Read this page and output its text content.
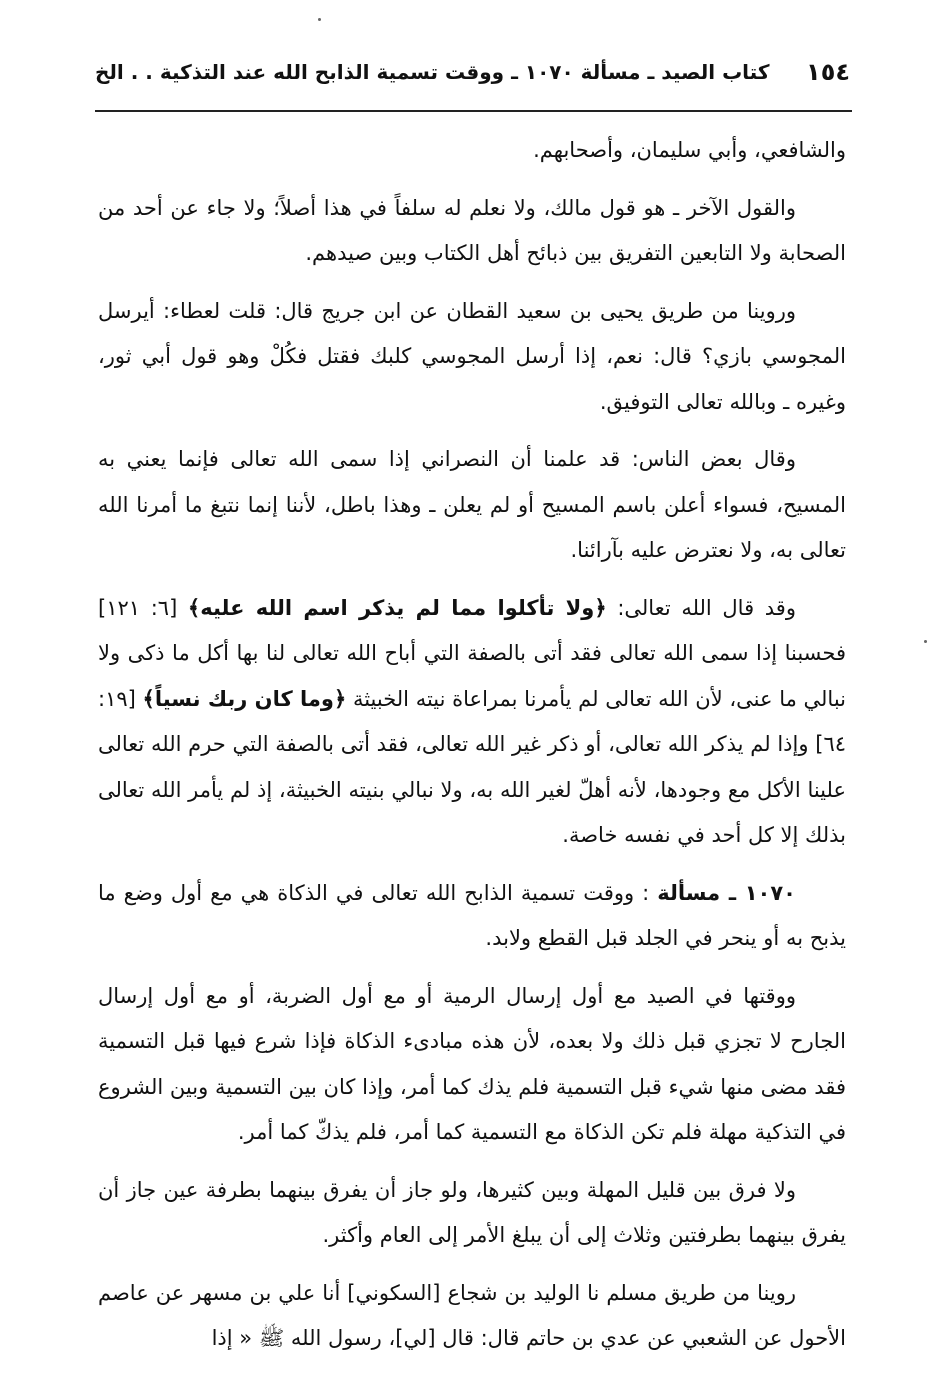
١٥٤
كتاب الصيد ـ مسألة ١٠٧٠ ـ ووقت تسمية الذابح الله عند التذكية . . الخ

والشافعي، وأبي سليمان، وأصحابهم.

والقول الآخر ـ هو قول مالك، ولا نعلم له سلفاً في هذا أصلاً؛ ولا جاء عن أحد من الصحابة ولا التابعين التفريق بين ذبائح أهل الكتاب وبين صيدهم.

وروينا من طريق يحيى بن سعيد القطان عن ابن جريج قال: قلت لعطاء: أيرسل المجوسي بازي؟ قال: نعم، إذا أرسل المجوسي كلبك فقتل فكُلْ وهو قول أبي ثور، وغيره ـ وبالله تعالى التوفيق.

وقال بعض الناس: قد علمنا أن النصراني إذا سمى الله تعالى فإنما يعني به المسيح، فسواء أعلن باسم المسيح أو لم يعلن ـ وهذا باطل، لأننا إنما نتبغ ما أمرنا الله تعالى به، ولا نعترض عليه بآرائنا.

وقد قال الله تعالى: ﴿ولا تأكلوا مما لم يذكر اسم الله عليه﴾ [٦: ١٢١] فحسبنا إذا سمى الله تعالى فقد أتى بالصفة التي أباح الله تعالى لنا بها أكل ما ذكى ولا نبالي ما عنى، لأن الله تعالى لم يأمرنا بمراعاة نيته الخبيثة ﴿وما كان ربك نسياً﴾ [١٩: ٦٤] وإذا لم يذكر الله تعالى، أو ذكر غير الله تعالى، فقد أتى بالصفة التي حرم الله تعالى علينا الأكل مع وجودها، لأنه أهلّ لغير الله به، ولا نبالي بنيته الخبيثة، إذ لم يأمر الله تعالى بذلك إلا كل أحد في نفسه خاصة.

١٠٧٠ ـ مسألة : ووقت تسمية الذابح الله تعالى في الذكاة هي مع أول وضع ما يذبح به أو ينحر في الجلد قبل القطع ولابد.

ووقتها في الصيد مع أول إرسال الرمية أو مع أول الضربة، أو مع أول إرسال الجارح لا تجزي قبل ذلك ولا بعده، لأن هذه مبادىء الذكاة فإذا شرع فيها قبل التسمية فقد مضى منها شيء قبل التسمية فلم يذك كما أمر، وإذا كان بين التسمية وبين الشروع في التذكية مهلة فلم تكن الذكاة مع التسمية كما أمر، فلم يذكّ كما أمر.

ولا فرق بين قليل المهلة وبين كثيرها، ولو جاز أن يفرق بينهما بطرفة عين جاز أن يفرق بينهما بطرفتين وثلاث إلى أن يبلغ الأمر إلى العام وأكثر.

روينا من طريق مسلم نا الوليد بن شجاع [السكوني] أنا علي بن مسهر عن عاصم الأحول عن الشعبي عن عدي بن حاتم قال: قال [لي]، رسول الله ﷺ « إذا
